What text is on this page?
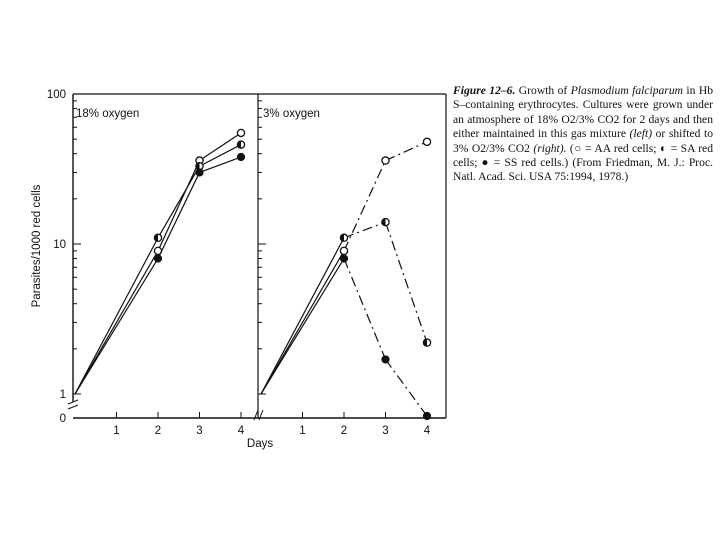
100
10
1
0
1	2	3	4	1	2	3	4
18% oxygen	3% oxygen
Days
Parasites/1000 red cells
Figure 12–6. Growth of Plasmodium falciparum in Hb S–containing erythrocytes. Cultures were grown under an atmosphere of 18% O2/3% CO2 for 2 days and then either maintained in this gas mixture (left) or shifted to 3% O2/3% CO2 (right). (○ = AA red cells; ◐ = SA red cells; ● = SS red cells.) (From Friedman, M. J.: Proc. Natl. Acad. Sci. USA 75:1994, 1978.)
